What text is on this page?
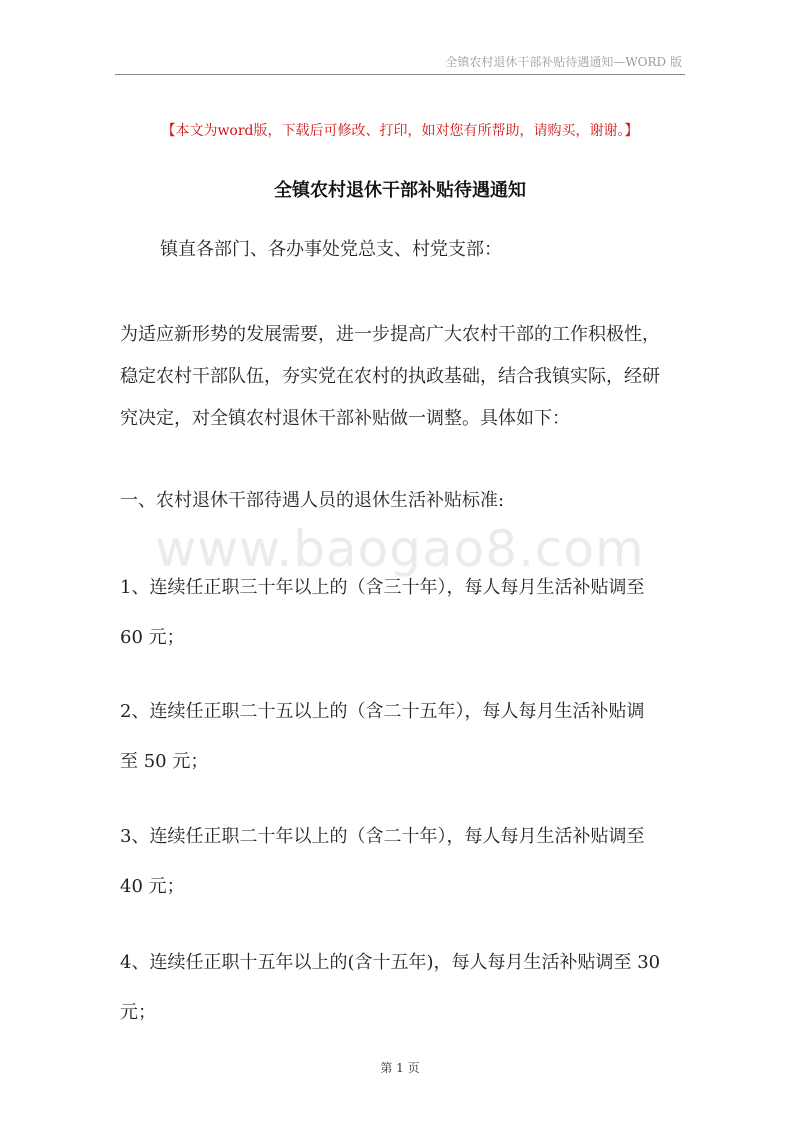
全镇农村退休干部补贴待遇通知—WORD 版
【本文为word版，下载后可修改、打印，如对您有所帮助，请购买，谢谢。】
全镇农村退休干部补贴待遇通知
镇直各部门、各办事处党总支、村党支部：
为适应新形势的发展需要，进一步提高广大农村干部的工作积极性，
稳定农村干部队伍，夯实党在农村的执政基础，结合我镇实际，经研
究决定，对全镇农村退休干部补贴做一调整。具体如下：
一、农村退休干部待遇人员的退休生活补贴标准:
www.baogao8.com
1、连续任正职三十年以上的（含三十年），每人每月生活补贴调至
60 元；
2、连续任正职二十五以上的（含二十五年），每人每月生活补贴调
至 50 元；
3、连续任正职二十年以上的（含二十年），每人每月生活补贴调至
40 元；
4、连续任正职十五年以上的(含十五年)，每人每月生活补贴调至 30
元；
第 1 页
